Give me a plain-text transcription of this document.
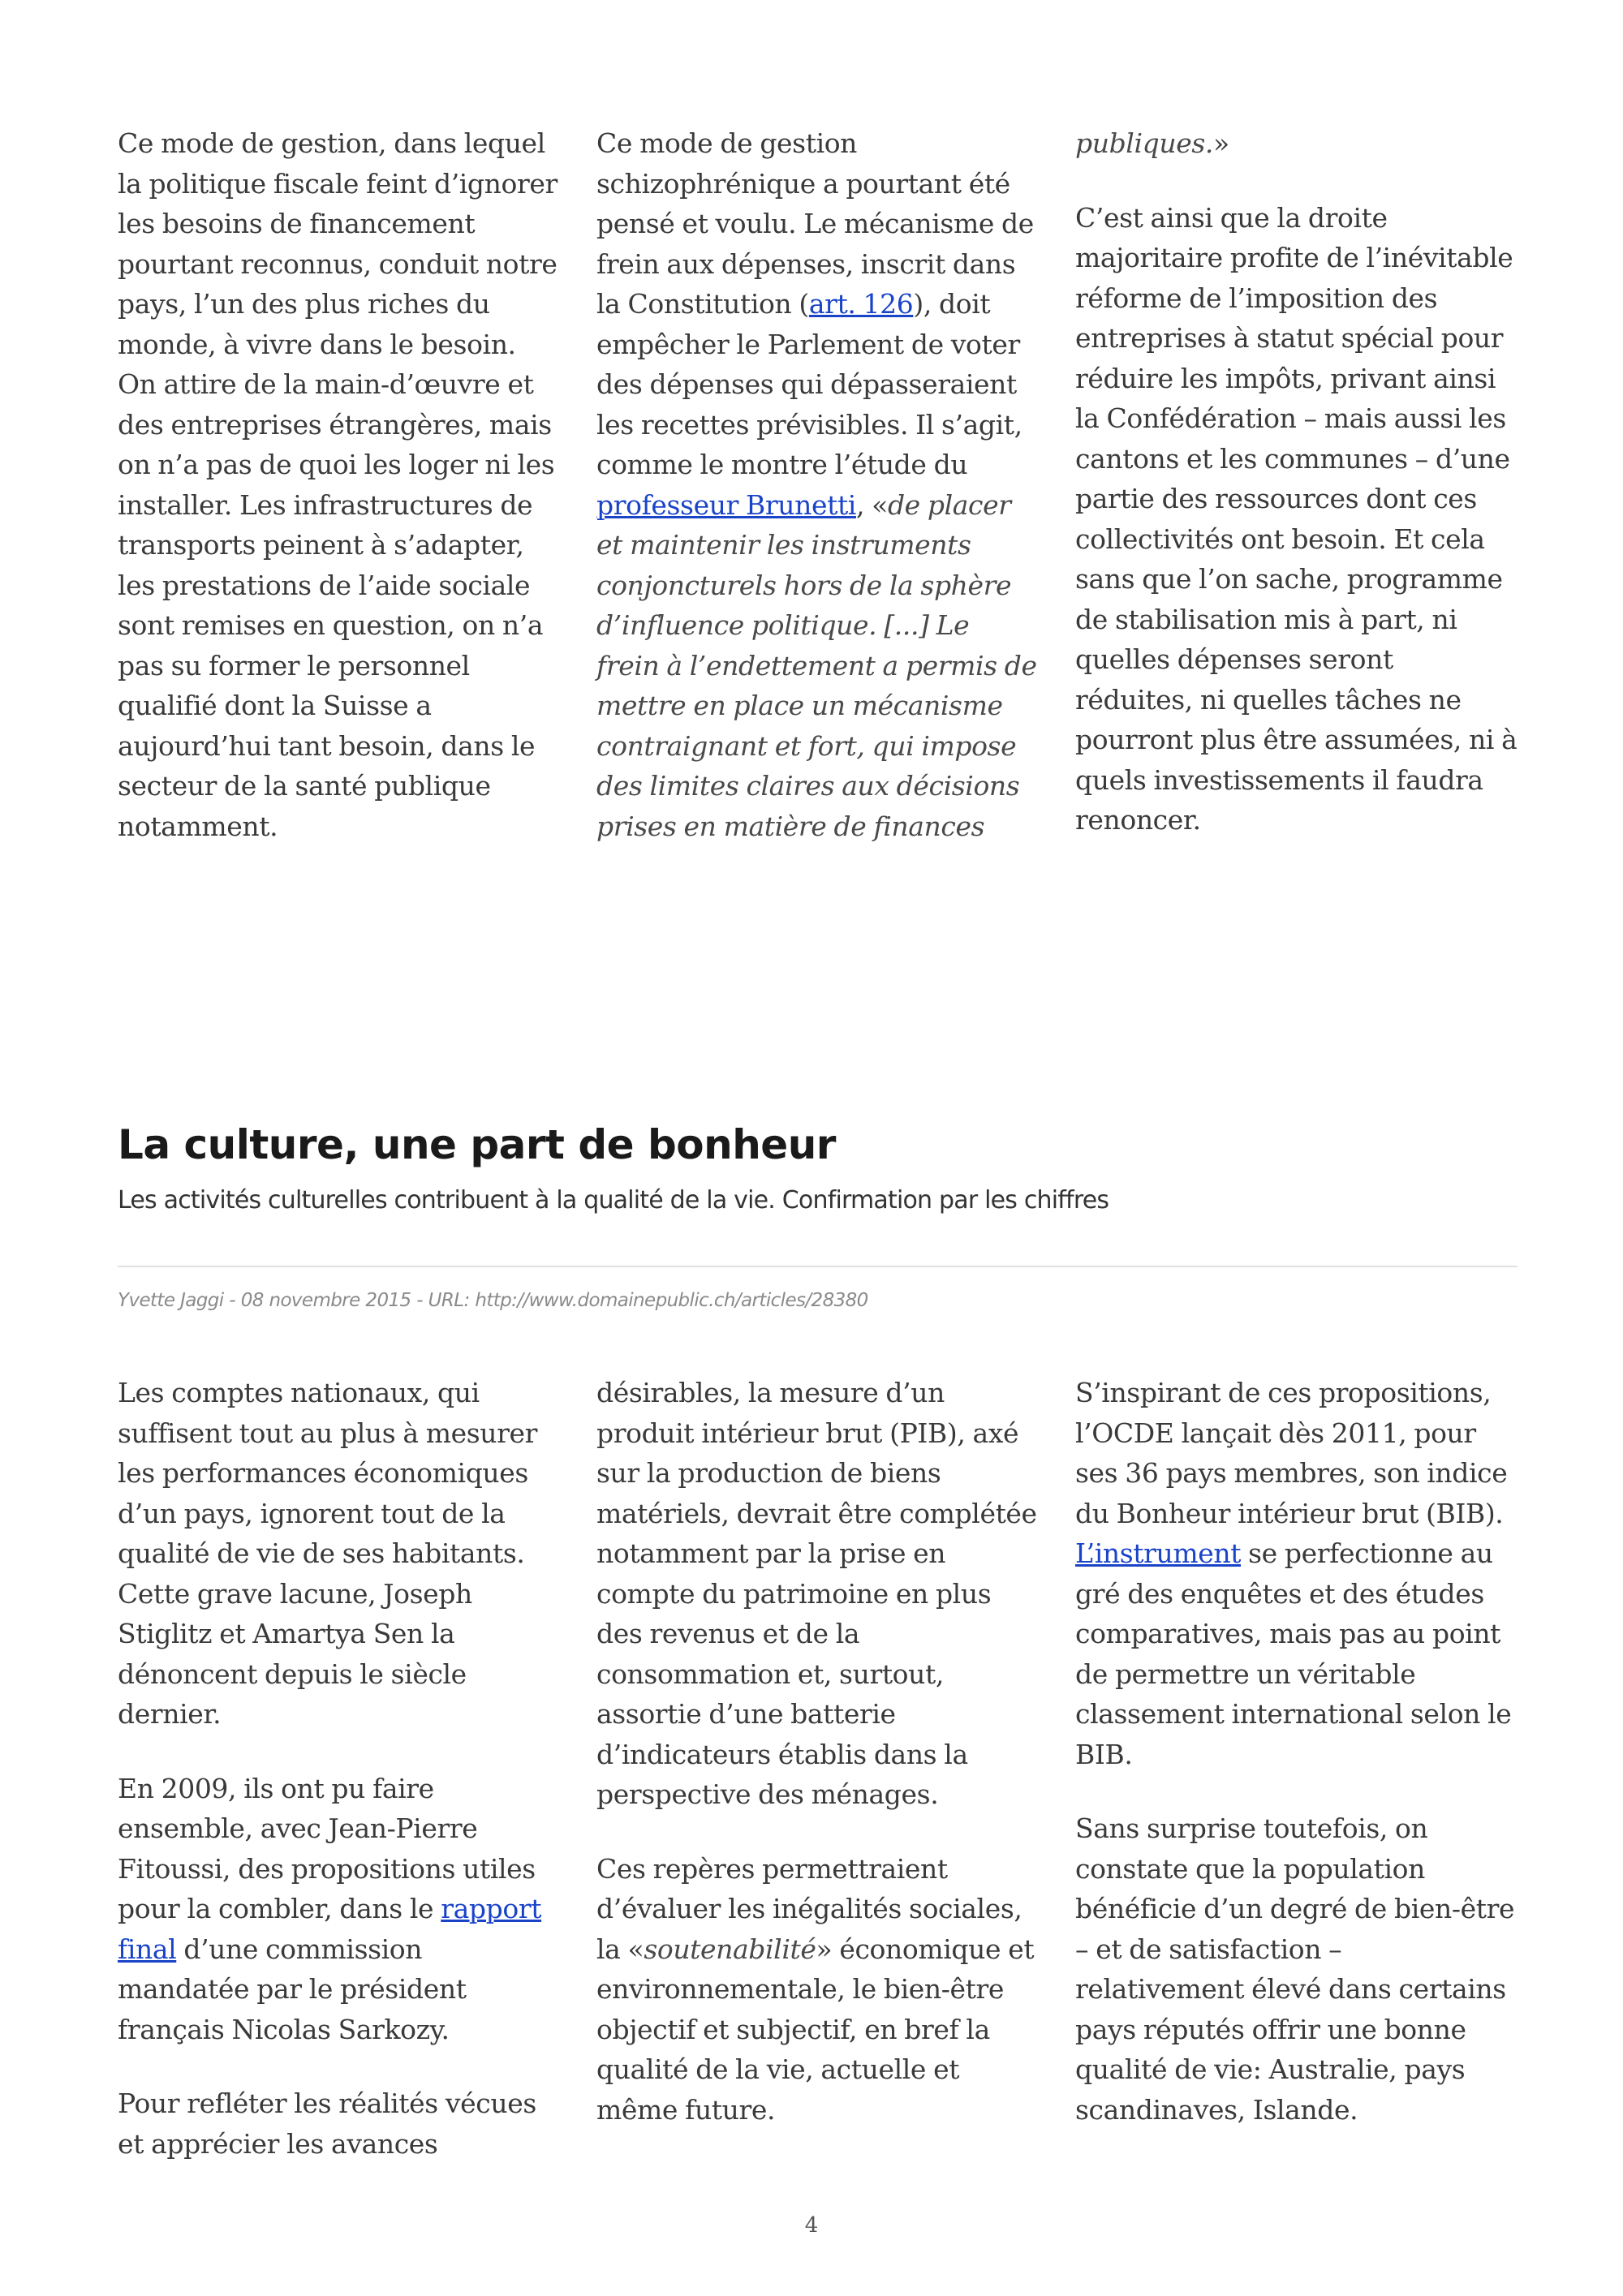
Ce mode de gestion, dans lequel la politique fiscale feint d’ignorer les besoins de financement pourtant reconnus, conduit notre pays, l’un des plus riches du monde, à vivre dans le besoin. On attire de la main-d’œuvre et des entreprises étrangères, mais on n’a pas de quoi les loger ni les installer. Les infrastructures de transports peinent à s’adapter, les prestations de l’aide sociale sont remises en question, on n’a pas su former le personnel qualifié dont la Suisse a aujourd’hui tant besoin, dans le secteur de la santé publique notamment.

Ce mode de gestion schizophrénique a pourtant été pensé et voulu. Le mécanisme de frein aux dépenses, inscrit dans la Constitution (art. 126), doit empêcher le Parlement de voter des dépenses qui dépasseraient les recettes prévisibles. Il s’agit, comme le montre l’étude du professeur Brunetti, «de placer et maintenir les instruments conjoncturels hors de la sphère d’influence politique. [...] Le frein à l’endettement a permis de mettre en place un mécanisme contraignant et fort, qui impose des limites claires aux décisions prises en matière de finances

publiques.»

C’est ainsi que la droite majoritaire profite de l’inévitable réforme de l’imposition des entreprises à statut spécial pour réduire les impôts, privant ainsi la Confédération – mais aussi les cantons et les communes – d’une partie des ressources dont ces collectivités ont besoin. Et cela sans que l’on sache, programme de stabilisation mis à part, ni quelles dépenses seront réduites, ni quelles tâches ne pourront plus être assumées, ni à quels investissements il faudra renoncer.

La culture, une part de bonheur

Les activités culturelles contribuent à la qualité de la vie. Confirmation par les chiffres

Yvette Jaggi - 08 novembre 2015 - URL: http://www.domainepublic.ch/articles/28380

Les comptes nationaux, qui suffisent tout au plus à mesurer les performances économiques d’un pays, ignorent tout de la qualité de vie de ses habitants. Cette grave lacune, Joseph Stiglitz et Amartya Sen la dénoncent depuis le siècle dernier.

En 2009, ils ont pu faire ensemble, avec Jean-Pierre Fitoussi, des propositions utiles pour la combler, dans le rapport final d’une commission mandatée par le président français Nicolas Sarkozy.

Pour refléter les réalités vécues et apprécier les avances

désirables, la mesure d’un produit intérieur brut (PIB), axé sur la production de biens matériels, devrait être complétée notamment par la prise en compte du patrimoine en plus des revenus et de la consommation et, surtout, assortie d’une batterie d’indicateurs établis dans la perspective des ménages.

Ces repères permettraient d’évaluer les inégalités sociales, la «soutenabilité» économique et environnementale, le bien-être objectif et subjectif, en bref la qualité de la vie, actuelle et même future.

S’inspirant de ces propositions, l’OCDE lançait dès 2011, pour ses 36 pays membres, son indice du Bonheur intérieur brut (BIB). L’instrument se perfectionne au gré des enquêtes et des études comparatives, mais pas au point de permettre un véritable classement international selon le BIB.

Sans surprise toutefois, on constate que la population bénéficie d’un degré de bien-être – et de satisfaction – relativement élevé dans certains pays réputés offrir une bonne qualité de vie: Australie, pays scandinaves, Islande.

4
